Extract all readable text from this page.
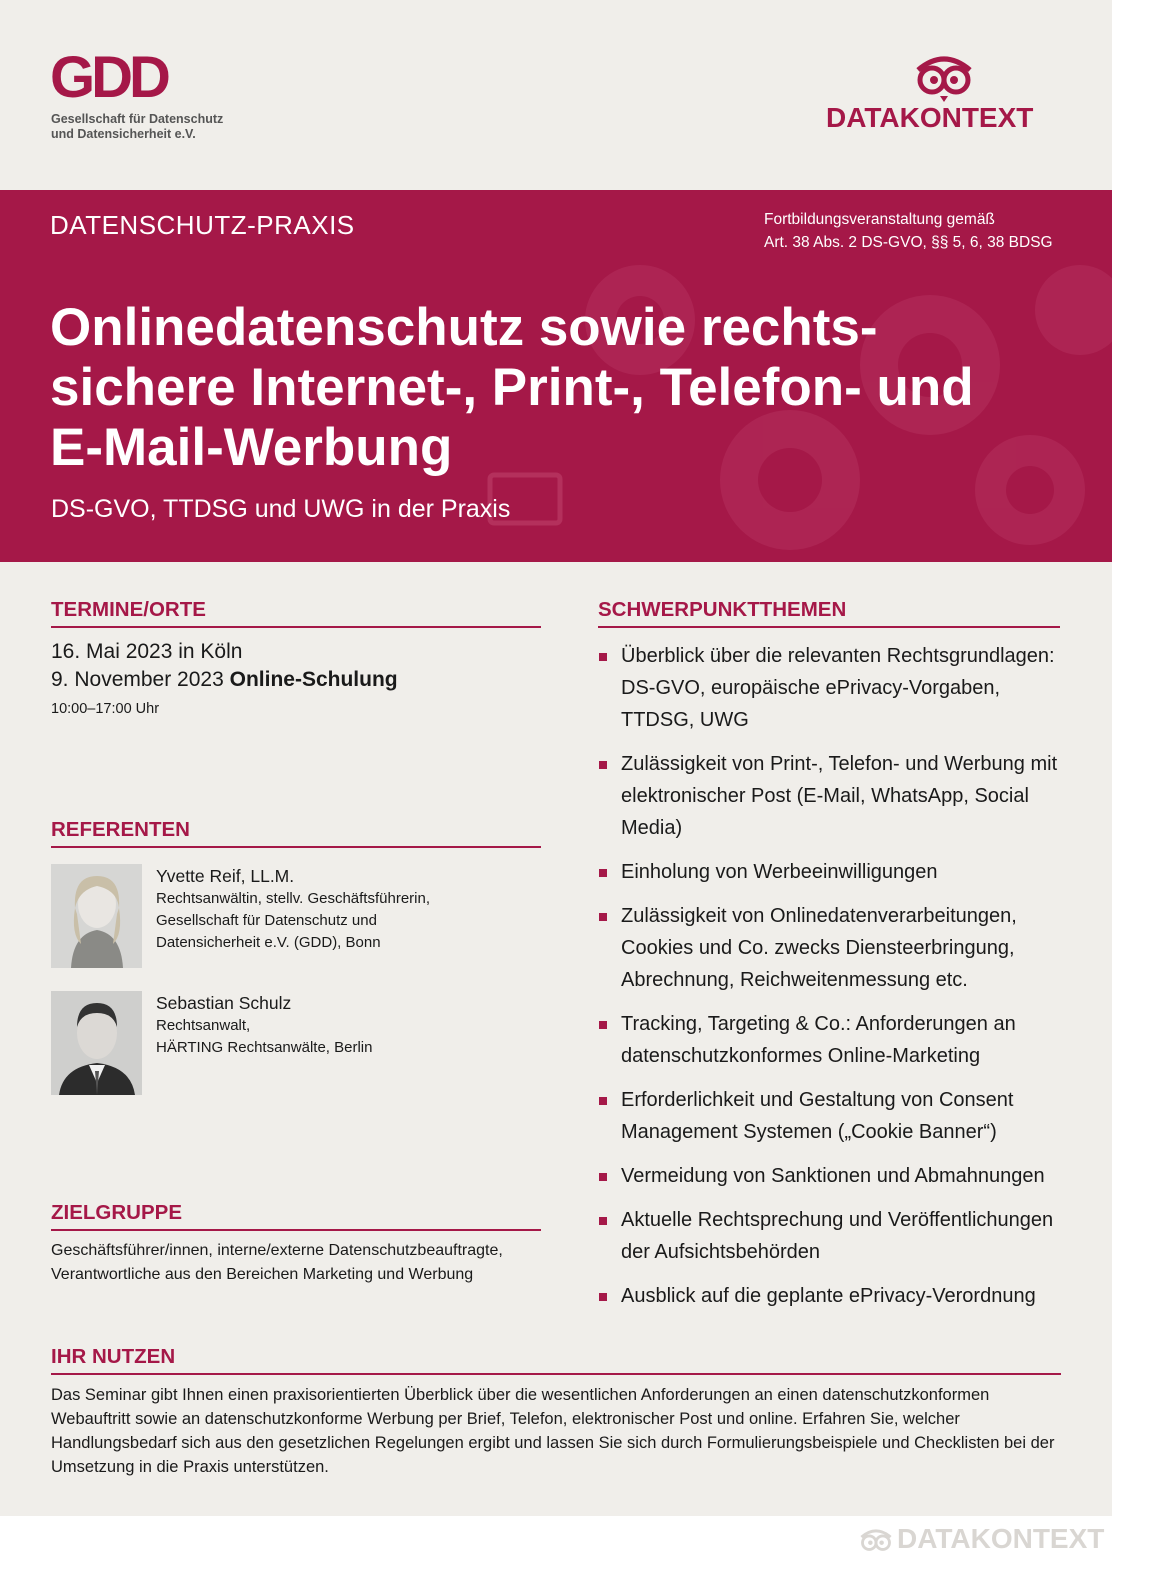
GDD
Gesellschaft für Datenschutz
und Datensicherheit e.V.
DATAKONTEXT
DATENSCHUTZ-PRAXIS	Fortbildungsveranstaltung gemäß
Art. 38 Abs. 2 DS-GVO, §§ 5, 6, 38 BDSG
Onlinedatenschutz sowie rechts-
sichere Internet-, Print-, Telefon- und
E-Mail-Werbung
DS-GVO, TTDSG und UWG in der Praxis
TERMINE/ORTE
16. Mai 2023 in Köln
9. November 2023 Online-Schulung
10:00–17:00 Uhr
REFERENTEN
Yvette Reif, LL.M.
Rechtsanwältin, stellv. Geschäftsführerin,
Gesellschaft für Datenschutz und
Datensicherheit e.V. (GDD), Bonn
Sebastian Schulz
Rechtsanwalt,
HÄRTING Rechtsanwälte, Berlin
ZIELGRUPPE
Geschäftsführer/innen, interne/externe Datenschutzbeauftragte,
Verantwortliche aus den Bereichen Marketing und Werbung
SCHWERPUNKTTHEMEN
Überblick über die relevanten Rechtsgrundlagen: DS-GVO, europäische ePrivacy-Vorgaben, TTDSG, UWG
Zulässigkeit von Print-, Telefon- und Werbung mit elektronischer Post (E-Mail, WhatsApp, Social Media)
Einholung von Werbeeinwilligungen
Zulässigkeit von Onlinedatenverarbeitungen, Cookies und Co. zwecks Diensteerbringung, Abrechnung, Reichweitenmessung etc.
Tracking, Targeting & Co.: Anforderungen an datenschutzkonformes Online-Marketing
Erforderlichkeit und Gestaltung von Consent Management Systemen („Cookie Banner“)
Vermeidung von Sanktionen und Abmahnungen
Aktuelle Rechtsprechung und Veröffentlichungen der Aufsichtsbehörden
Ausblick auf die geplante ePrivacy-Verordnung
IHR NUTZEN
Das Seminar gibt Ihnen einen praxisorientierten Überblick über die wesentlichen Anforderungen an einen datenschutzkonformen Webauftritt sowie an datenschutzkonforme Werbung per Brief, Telefon, elektronischer Post und online. Erfahren Sie, welcher Handlungsbedarf sich aus den gesetzlichen Regelungen ergibt und lassen Sie sich durch Formulierungsbeispiele und Checklisten bei der Umsetzung in die Praxis unterstützen.
DATAKONTEXT
